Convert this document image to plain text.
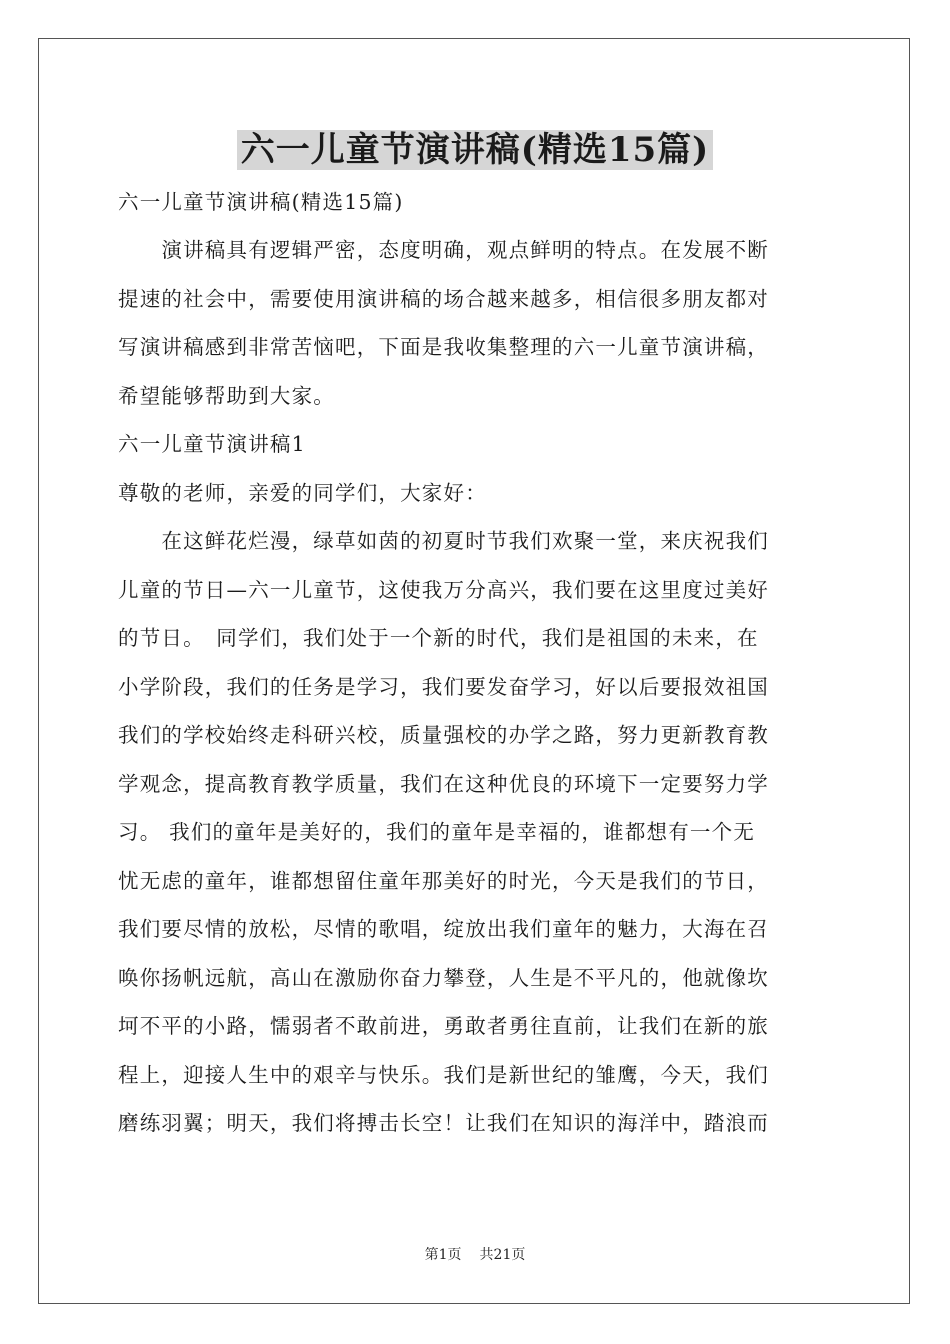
六一儿童节演讲稿(精选15篇)

六一儿童节演讲稿(精选15篇)

　　演讲稿具有逻辑严密，态度明确，观点鲜明的特点。在发展不断

提速的社会中，需要使用演讲稿的场合越来越多，相信很多朋友都对

写演讲稿感到非常苦恼吧，下面是我收集整理的六一儿童节演讲稿，

希望能够帮助到大家。

六一儿童节演讲稿1

尊敬的老师，亲爱的同学们，大家好：

　　在这鲜花烂漫，绿草如茵的初夏时节我们欢聚一堂，来庆祝我们

儿童的节日—六一儿童节，这使我万分高兴，我们要在这里度过美好

的节日。　同学们，我们处于一个新的时代，我们是祖国的未来，在

小学阶段，我们的任务是学习，我们要发奋学习，好以后要报效祖国

我们的学校始终走科研兴校，质量强校的办学之路，努力更新教育教

学观念，提高教育教学质量，我们在这种优良的环境下一定要努力学

习。 我们的童年是美好的，我们的童年是幸福的，谁都想有一个无

忧无虑的童年，谁都想留住童年那美好的时光，今天是我们的节日，

我们要尽情的放松，尽情的歌唱，绽放出我们童年的魅力，大海在召

唤你扬帆远航，高山在激励你奋力攀登，人生是不平凡的，他就像坎

坷不平的小路，懦弱者不敢前进，勇敢者勇往直前，让我们在新的旅

程上，迎接人生中的艰辛与快乐。我们是新世纪的雏鹰，今天，我们

磨练羽翼；明天，我们将搏击长空！让我们在知识的海洋中，踏浪而

第1页 共21页
